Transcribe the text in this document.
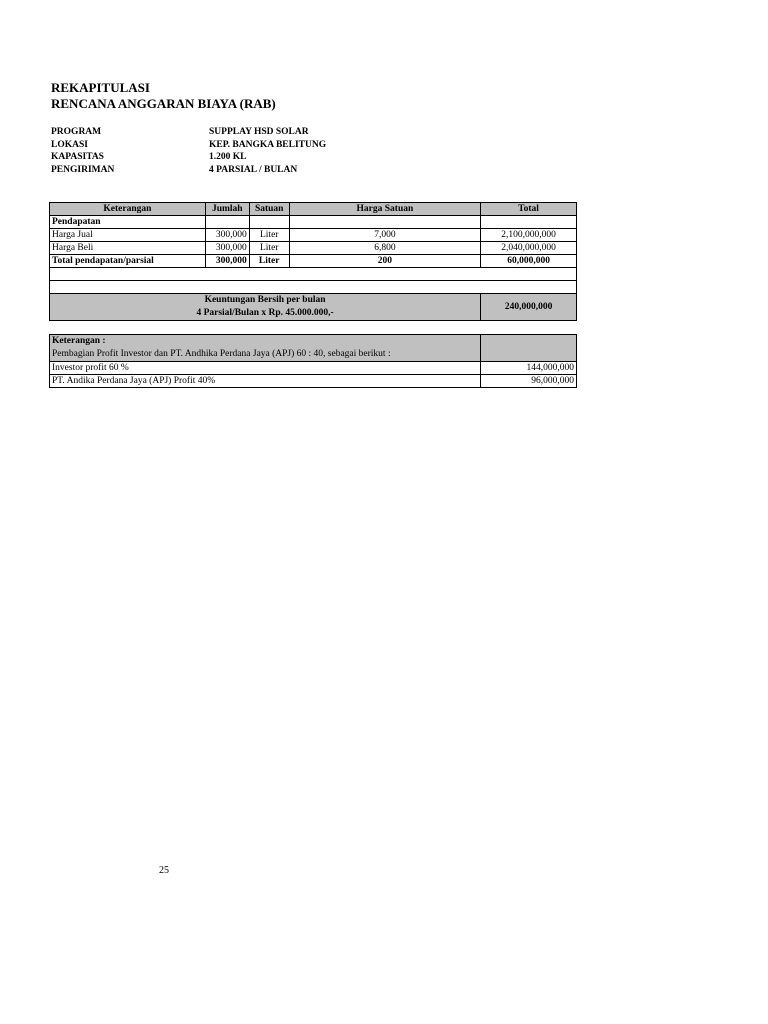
REKAPITULASI
RENCANA ANGGARAN BIAYA (RAB)
PROGRAM	SUPPLAY HSD SOLAR
LOKASI	KEP. BANGKA BELITUNG
KAPASITAS	1.200 KL
PENGIRIMAN	4 PARSIAL / BULAN
Keterangan	Jumlah	Satuan	Harga Satuan	Total
Pendapatan				
Harga Jual	300,000	Liter	7,000	2,100,000,000
Harga Beli	300,000	Liter	6,800	2,040,000,000
Total pendapatan/parsial	300,000	Liter	200	60,000,000

Keuntungan Bersih per bulan
4 Parsial/Bulan x Rp. 45.000.000,-				240,000,000
Keterangan :
Pembagian Profit Investor dan PT. Andhika Perdana Jaya (APJ) 60 : 40, sebagai berikut :	

Investor profit 60 %	144,000,000
PT. Andika Perdana Jaya (APJ) Profit 40%	96,000,000
25
